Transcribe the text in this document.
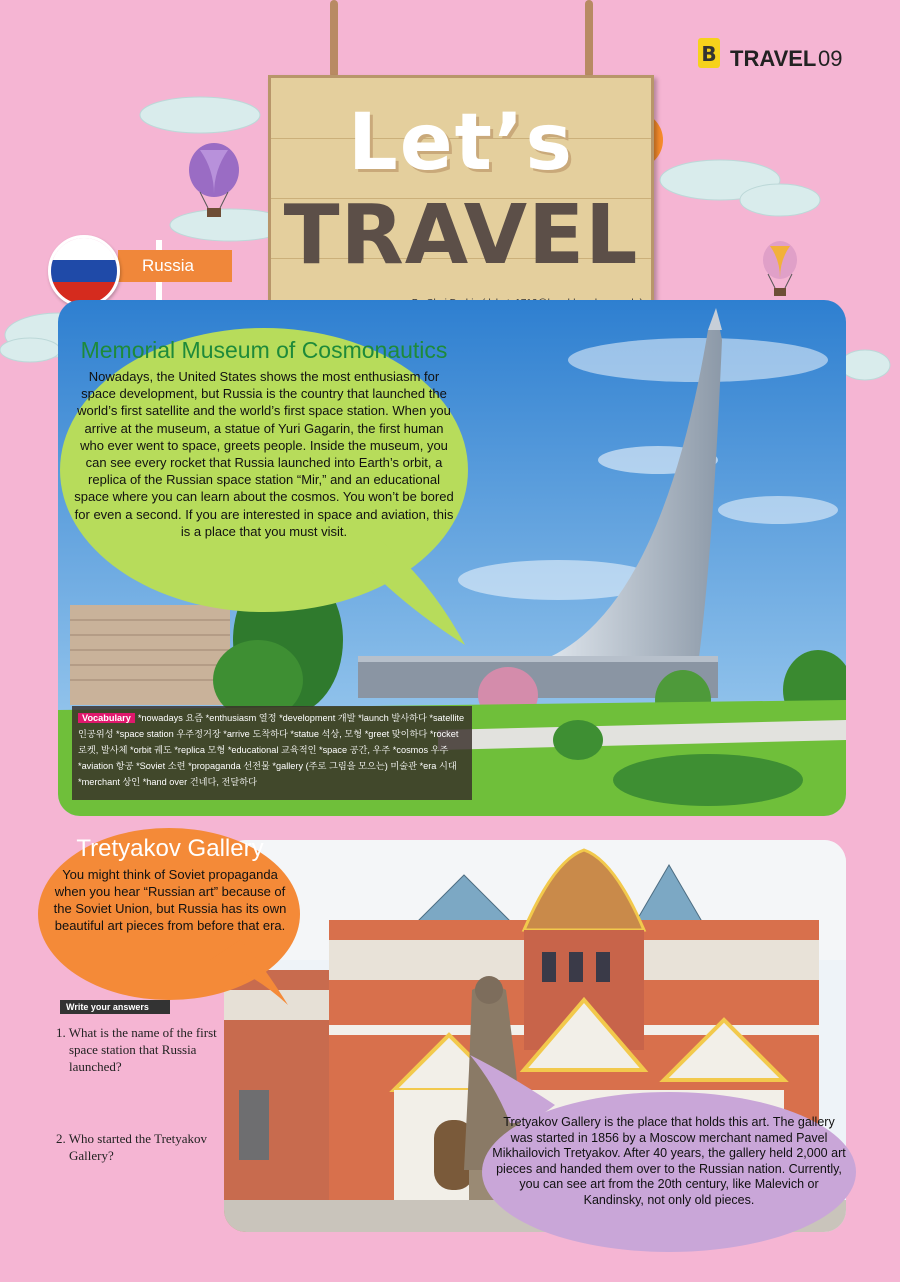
B TRAVEL 09
Let’s
TRAVEL
Russia
Memorial Museum of Cosmonautics
Nowadays, the United States shows the most enthusiasm for space development, but Russia is the country that launched the world’s first satellite and the world’s first space station. When you arrive at the museum, a statue of Yuri Gagarin, the first human who ever went to space, greets people. Inside the museum, you can see every rocket that Russia launched into Earth’s orbit, a replica of the Russian space station “Mir,” and an educational space where you can learn about the cosmos. You won’t be bored for even a second. If you are interested in space and aviation, this is a place that you must visit.
Vocabulary *nowadays 요즘 *enthusiasm 열정 *development 개발 *launch 발사하다 *satellite 인공위성 *space station 우주정거장 *arrive 도착하다 *statue 석상, 모형 *greet 맞이하다 *rocket 로켓, 발사체 *orbit 궤도 *replica 모형 *educational 교육적인 *space 공간, 우주 *cosmos 우주 *aviation 항공 *Soviet 소련 *propaganda 선전물 *gallery (주로 그림을 모으는) 미술관 *era 시대 *merchant 상인 *hand over 건네다, 전달하다
Tretyakov Gallery
You might think of Soviet propaganda when you hear “Russian art” because of the Soviet Union, but Russia has its own beautiful art pieces from before that era.
Tretyakov Gallery is the place that holds this art. The gallery was started in 1856 by a Moscow merchant named Pavel Mikhailovich Tretyakov. After 40 years, the gallery held 2,000 art pieces and handed them over to the Russian nation. Currently, you can see art from the 20th century, like Malevich or Kandinsky, not only old pieces.
Write your answers
1. What is the name of the first space station that Russia launched?
2. Who started the Tretyakov Gallery?
